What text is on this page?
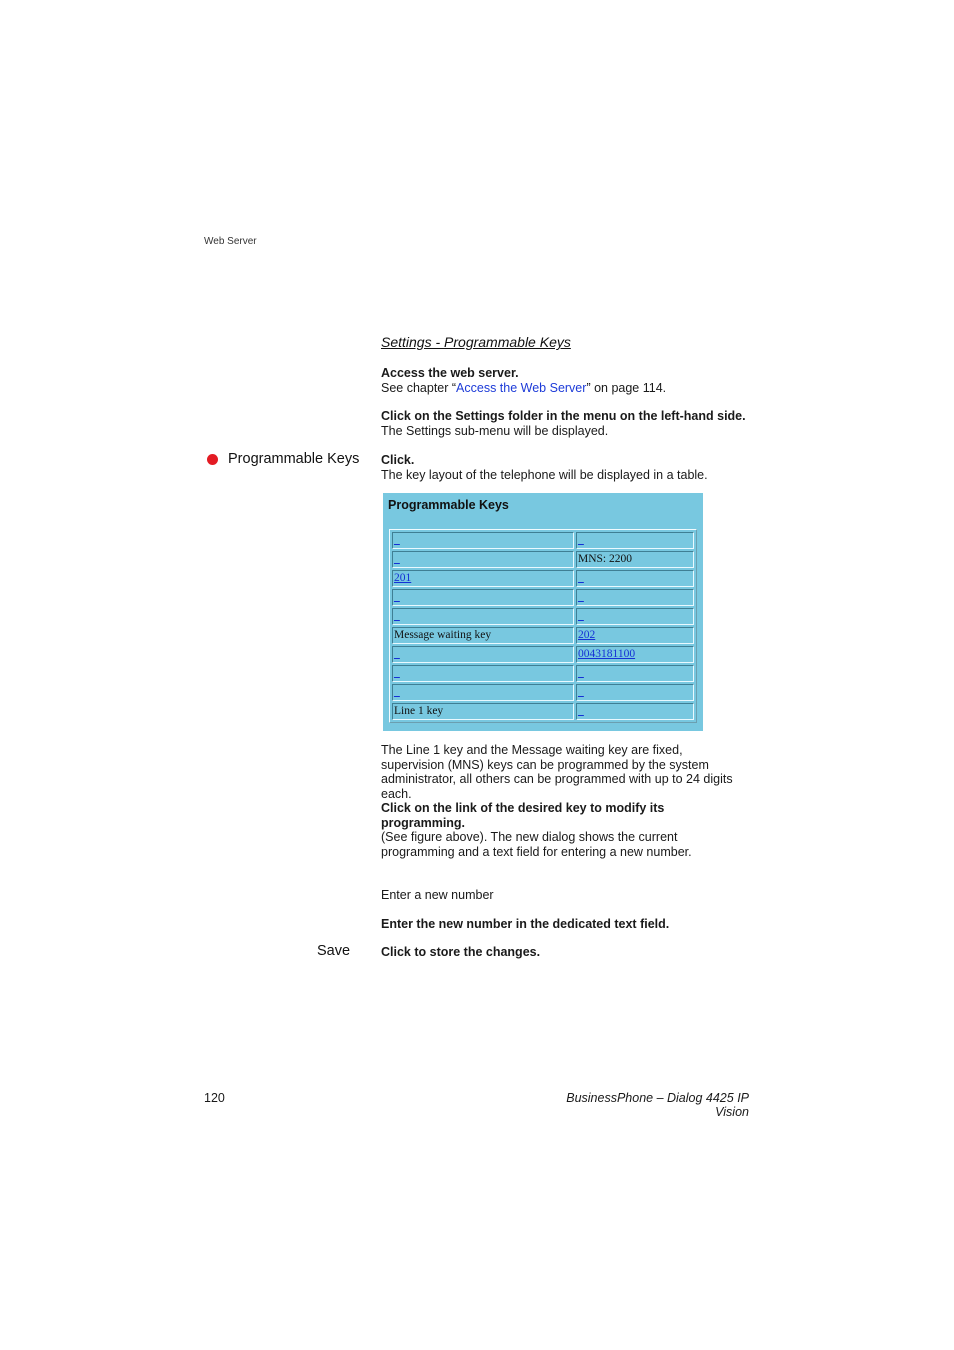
Web Server
Settings - Programmable Keys
Access the web server.
See chapter “Access the Web Server” on page 114.
Click on the Settings folder in the menu on the left-hand side.
The Settings sub-menu will be displayed.
Programmable Keys Click.
The key layout of the telephone will be displayed in a table.
Programmable Keys
_	_
_	MNS: 2200
201	_
_	_
_	_
Message waiting key	202
_	0043181100
_	_
_	_
Line 1 key	_
The Line 1 key and the Message waiting key are fixed, supervision (MNS) keys can be programmed by the system administrator, all others can be programmed with up to 24 digits each.
Click on the link of the desired key to modify its programming.
(See figure above). The new dialog shows the current programming and a text field for entering a new number.
Enter a new number
Enter the new number in the dedicated text field.
Save Click to store the changes.
120	BusinessPhone – Dialog 4425 IP Vision
